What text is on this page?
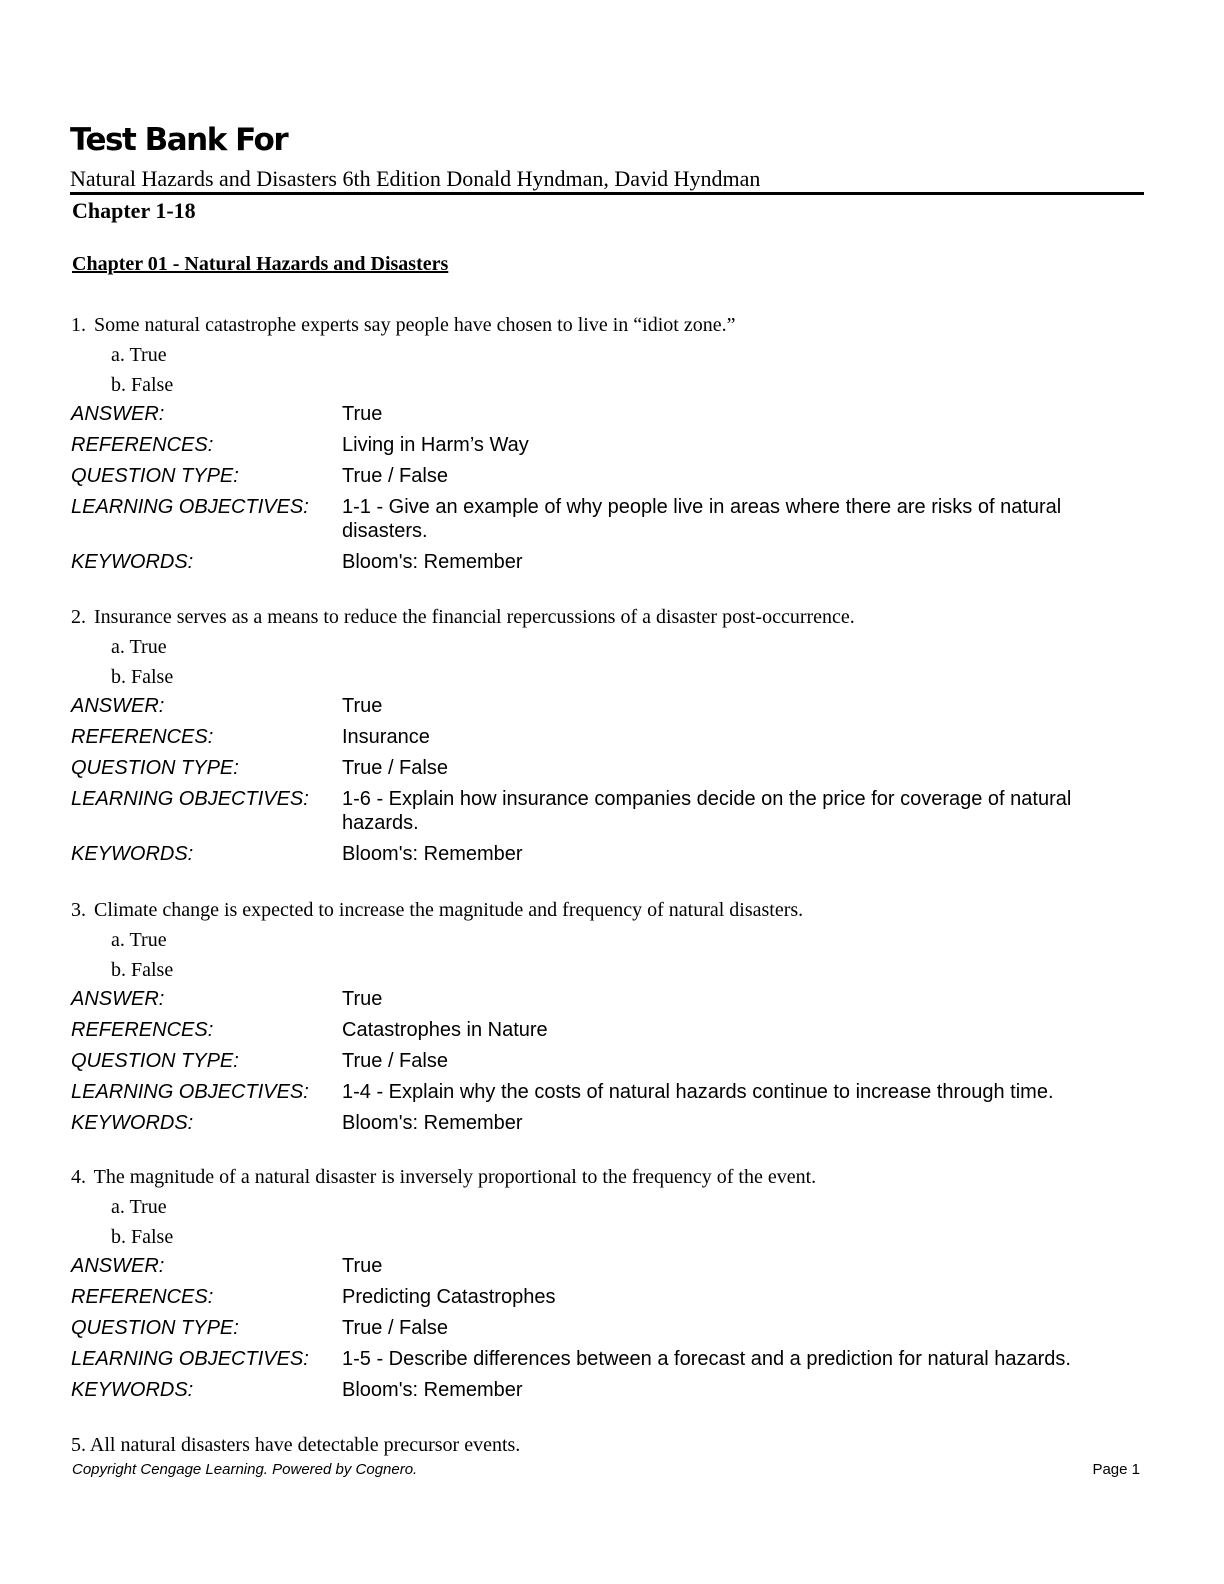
Test Bank For
Natural Hazards and Disasters 6th Edition Donald Hyndman, David Hyndman
Chapter 1-18
Chapter 01 - Natural Hazards and Disasters
1. Some natural catastrophe experts say people have chosen to live in “idiot zone.”
a. True
b. False
ANSWER:	True
REFERENCES:	Living in Harm’s Way
QUESTION TYPE:	True / False
LEARNING OBJECTIVES:	1-1 - Give an example of why people live in areas where there are risks of natural disasters.
KEYWORDS:	Bloom's: Remember
2. Insurance serves as a means to reduce the financial repercussions of a disaster post-occurrence.
a. True
b. False
ANSWER:	True
REFERENCES:	Insurance
QUESTION TYPE:	True / False
LEARNING OBJECTIVES:	1-6 - Explain how insurance companies decide on the price for coverage of natural hazards.
KEYWORDS:	Bloom's: Remember
3. Climate change is expected to increase the magnitude and frequency of natural disasters.
a. True
b. False
ANSWER:	True
REFERENCES:	Catastrophes in Nature
QUESTION TYPE:	True / False
LEARNING OBJECTIVES:	1-4 - Explain why the costs of natural hazards continue to increase through time.
KEYWORDS:	Bloom's: Remember
4. The magnitude of a natural disaster is inversely proportional to the frequency of the event.
a. True
b. False
ANSWER:	True
REFERENCES:	Predicting Catastrophes
QUESTION TYPE:	True / False
LEARNING OBJECTIVES:	1-5 - Describe differences between a forecast and a prediction for natural hazards.
KEYWORDS:	Bloom's: Remember
5. All natural disasters have detectable precursor events.
Copyright Cengage Learning. Powered by Cognero.	Page 1
